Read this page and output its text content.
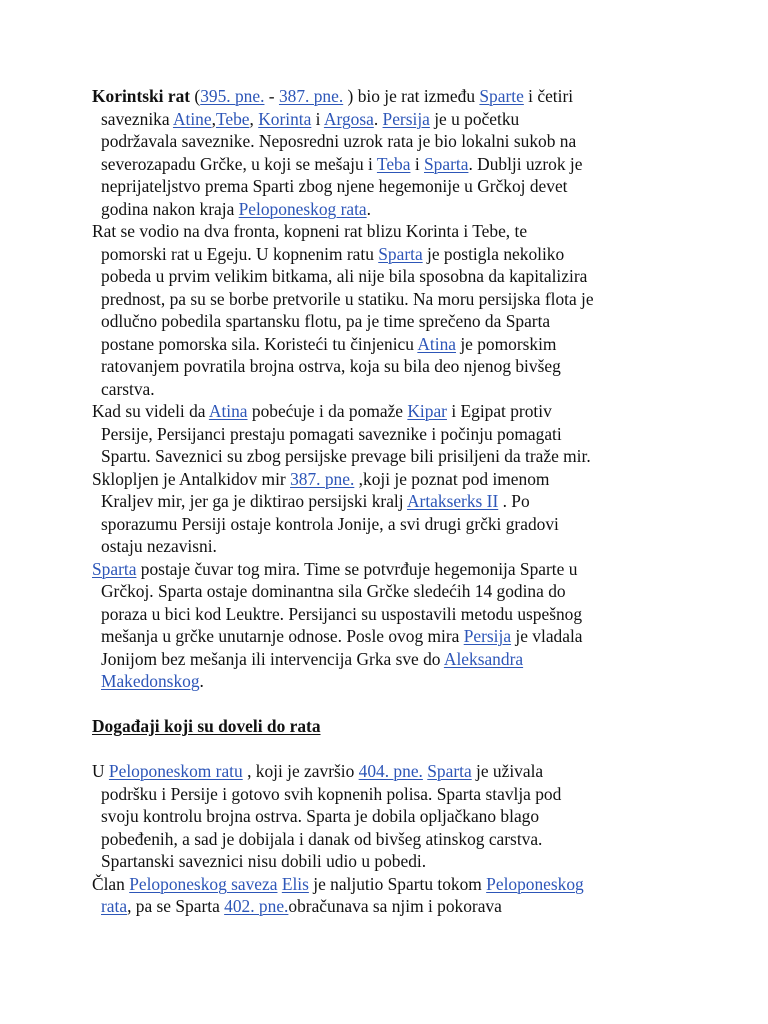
Korintski rat (395. pne. - 387. pne. ) bio je rat između Sparte i četiri
saveznika Atine,Tebe, Korinta i Argosa. Persija je u početku
podržavala saveznike. Neposredni uzrok rata je bio lokalni sukob na
severozapadu Grčke, u koji se mešaju i Teba i Sparta. Dublji uzrok je
neprijateljstvo prema Sparti zbog njene hegemonije u Grčkoj devet
godina nakon kraja Peloponeskog rata.

Rat se vodio na dva fronta, kopneni rat blizu Korinta i Tebe, te
pomorski rat u Egeju. U kopnenim ratu Sparta je postigla nekoliko
pobeda u prvim velikim bitkama, ali nije bila sposobna da kapitalizira
prednost, pa su se borbe pretvorile u statiku. Na moru persijska flota je
odlučno pobedila spartansku flotu, pa je time sprečeno da Sparta
postane pomorska sila. Koristeći tu činjenicu Atina je pomorskim
ratovanjem povratila brojna ostrva, koja su bila deo njenog bivšeg
carstva.

Kad su videli da Atina pobećuje i da pomaže Kipar i Egipat protiv
Persije, Persijanci prestaju pomagati saveznike i počinju pomagati
Spartu. Saveznici su zbog persijske prevage bili prisiljeni da traže mir.
Sklopljen je Antalkidov mir 387. pne. ,koji je poznat pod imenom
Kraljev mir, jer ga je diktirao persijski kralj Artakserks II . Po
sporazumu Persiji ostaje kontrola Jonije, a svi drugi grčki gradovi
ostaju nezavisni.

Sparta postaje čuvar tog mira. Time se potvrđuje hegemonija Sparte u
Grčkoj. Sparta ostaje dominantna sila Grčke sledećih 14 godina do
poraza u bici kod Leuktre. Persijanci su uspostavili metodu uspešnog
mešanja u grčke unutarnje odnose. Posle ovog mira Persija je vladala
Jonijom bez mešanja ili intervencija Grka sve do Aleksandra
Makedonskog.

Događaji koji su doveli do rata

U Peloponeskom ratu , koji je završio 404. pne. Sparta je uživala
podršku i Persije i gotovo svih kopnenih polisa. Sparta stavlja pod
svoju kontrolu brojna ostrva. Sparta je dobila opljačkano blago
pobeđenih, a sad je dobijala i danak od bivšeg atinskog carstva.
Spartanski saveznici nisu dobili udio u pobedi.

Član Peloponeskog saveza Elis je naljutio Spartu tokom Peloponeskog
rata, pa se Sparta 402. pne.obračunava sa njim i pokorava
